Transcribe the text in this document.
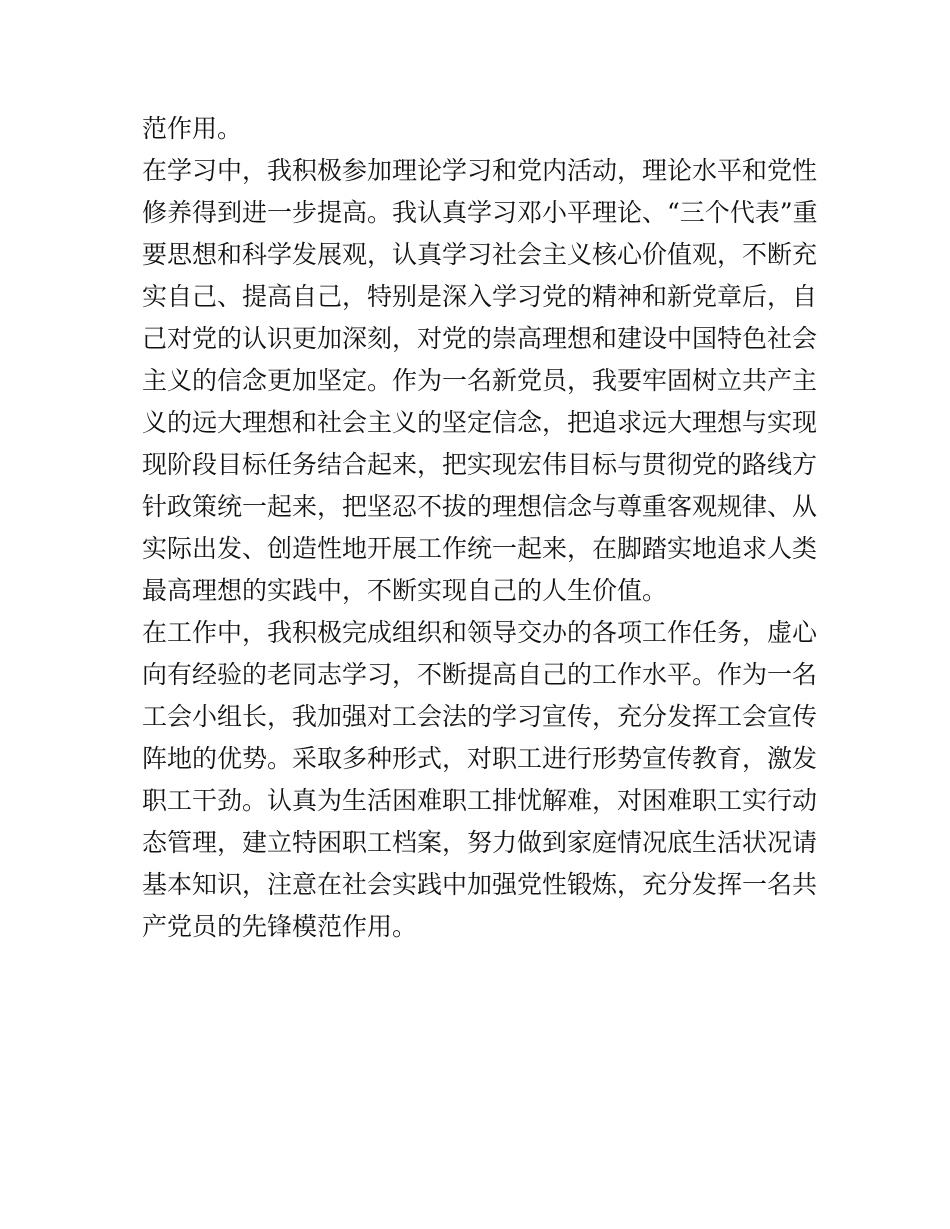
范作用。
在学习中，我积极参加理论学习和党内活动，理论水平和党性
修养得到进一步提高。我认真学习邓小平理论、“三个代表”重
要思想和科学发展观，认真学习社会主义核心价值观，不断充
实自己、提高自己，特别是深入学习党的精神和新党章后，自
己对党的认识更加深刻，对党的崇高理想和建设中国特色社会
主义的信念更加坚定。作为一名新党员，我要牢固树立共产主
义的远大理想和社会主义的坚定信念，把追求远大理想与实现
现阶段目标任务结合起来，把实现宏伟目标与贯彻党的路线方
针政策统一起来，把坚忍不拔的理想信念与尊重客观规律、从
实际出发、创造性地开展工作统一起来，在脚踏实地追求人类
最高理想的实践中，不断实现自己的人生价值。
在工作中，我积极完成组织和领导交办的各项工作任务，虚心
向有经验的老同志学习，不断提高自己的工作水平。作为一名
工会小组长，我加强对工会法的学习宣传，充分发挥工会宣传
阵地的优势。采取多种形式，对职工进行形势宣传教育，激发
职工干劲。认真为生活困难职工排忧解难，对困难职工实行动
态管理，建立特困职工档案，努力做到家庭情况底生活状况请
基本知识，注意在社会实践中加强党性锻炼，充分发挥一名共
产党员的先锋模范作用。
